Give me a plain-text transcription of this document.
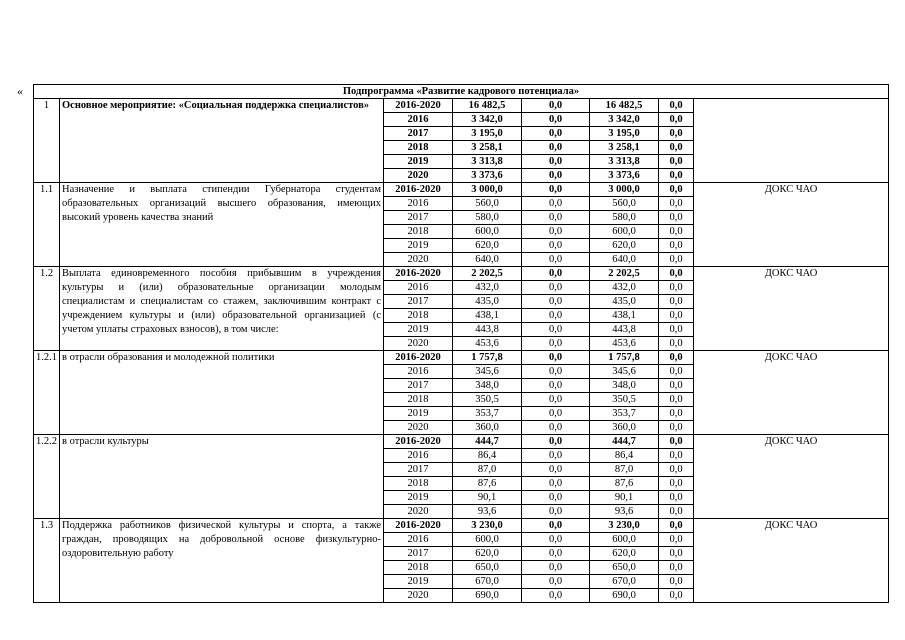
«	Подпрограмма «Развитие кадрового потенциала»							
1	Основное мероприятие: «Социальная поддержка специалистов»	2016-2020	16 482,5	0,0	16 482,5	0,0	
		2016	3 342,0	0,0	3 342,0	0,0	
		2017	3 195,0	0,0	3 195,0	0,0	
		2018	3 258,1	0,0	3 258,1	0,0	
		2019	3 313,8	0,0	3 313,8	0,0	
		2020	3 373,6	0,0	3 373,6	0,0	
1.1	Назначение и выплата стипендии Губернатора студентам образовательных организаций высшего образования, имеющих высокий уровень качества знаний	2016-2020	3 000,0	0,0	3 000,0	0,0	ДОКС ЧАО
		2016	560,0	0,0	560,0	0,0	
		2017	580,0	0,0	580,0	0,0	
		2018	600,0	0,0	600,0	0,0	
		2019	620,0	0,0	620,0	0,0	
		2020	640,0	0,0	640,0	0,0	
1.2	Выплата единовременного пособия прибывшим в учреждения культуры и (или) образовательные организации молодым специалистам и специалистам со стажем, заключившим контракт с учреждением культуры и (или) образовательной организацией (с учетом уплаты страховых взносов), в том числе:	2016-2020	2 202,5	0,0	2 202,5	0,0	ДОКС ЧАО
		2016	432,0	0,0	432,0	0,0	
		2017	435,0	0,0	435,0	0,0	
		2018	438,1	0,0	438,1	0,0	
		2019	443,8	0,0	443,8	0,0	
		2020	453,6	0,0	453,6	0,0	
1.2.1	в отрасли образования и молодежной политики	2016-2020	1 757,8	0,0	1 757,8	0,0	ДОКС ЧАО
		2016	345,6	0,0	345,6	0,0	
		2017	348,0	0,0	348,0	0,0	
		2018	350,5	0,0	350,5	0,0	
		2019	353,7	0,0	353,7	0,0	
		2020	360,0	0,0	360,0	0,0	
1.2.2	в отрасли культуры	2016-2020	444,7	0,0	444,7	0,0	ДОКС ЧАО
		2016	86,4	0,0	86,4	0,0	
		2017	87,0	0,0	87,0	0,0	
		2018	87,6	0,0	87,6	0,0	
		2019	90,1	0,0	90,1	0,0	
		2020	93,6	0,0	93,6	0,0	
1.3	Поддержка работников физической культуры и спорта, а также граждан, проводящих на добровольной основе физкультурно-оздоровительную работу	2016-2020	3 230,0	0,0	3 230,0	0,0	ДОКС ЧАО
		2016	600,0	0,0	600,0	0,0	
		2017	620,0	0,0	620,0	0,0	
		2018	650,0	0,0	650,0	0,0	
		2019	670,0	0,0	670,0	0,0	
		2020	690,0	0,0	690,0	0,0	
